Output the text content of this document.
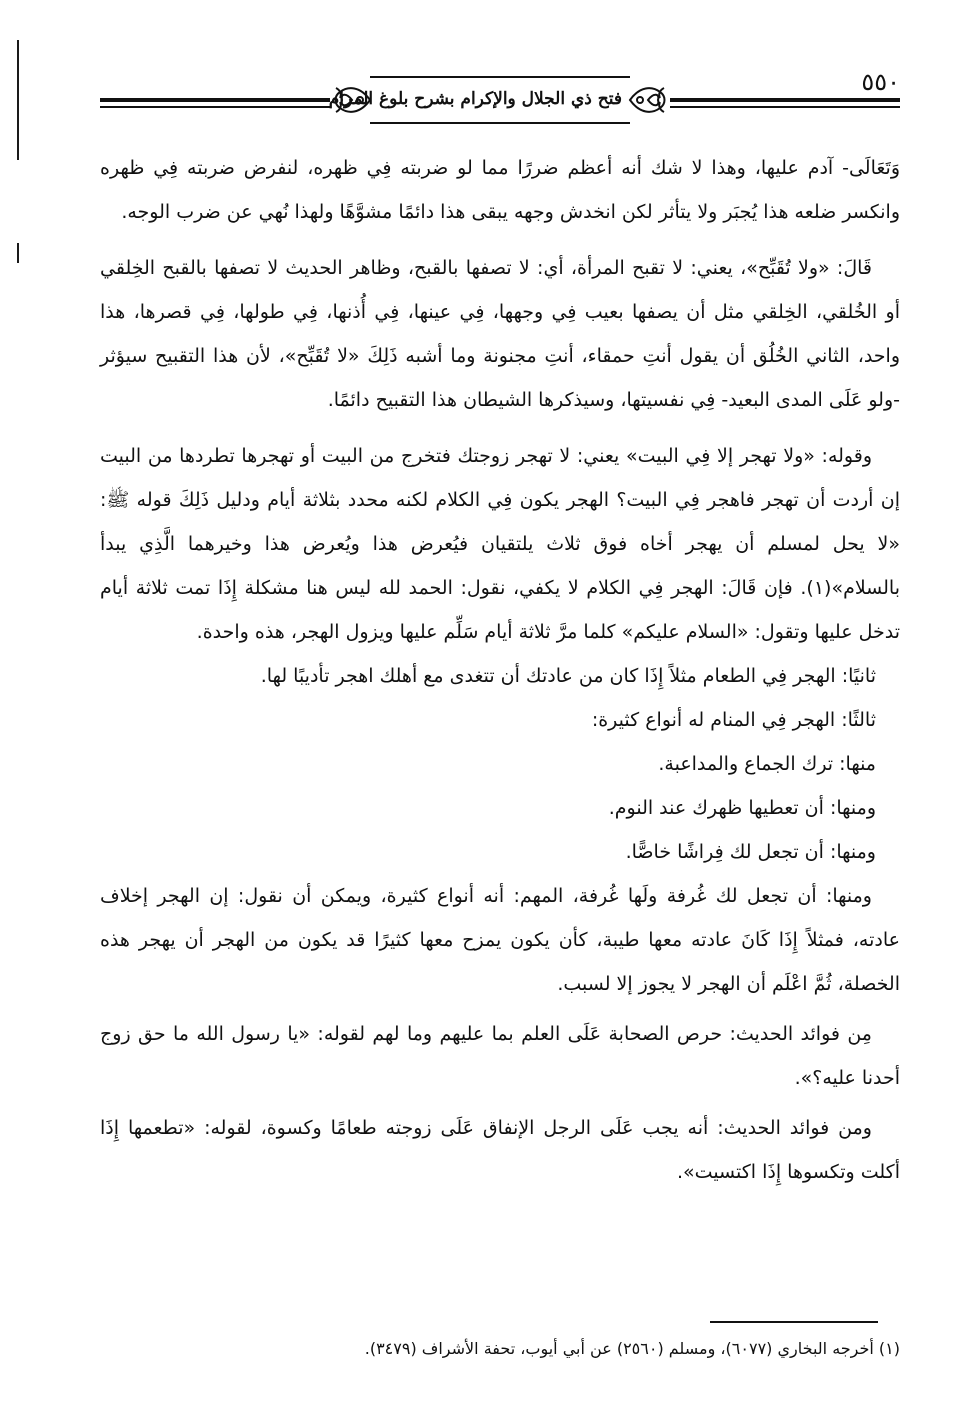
فتح ذي الجلال والإكرام بشرح بلوغ المرام
٥٥٠

وَتَعَالَى- آدم عليها، وهذا لا شك أنه أعظم ضررًا مما لو ضربته فِي ظهره، لنفرض ضربته فِي ظهره وانكسر ضلعه هذا يُجبَر ولا يتأثر لكن انخدش وجهه يبقى هذا دائمًا مشوَّهًا ولهذا نُهي عن ضرب الوجه.

قَالَ: «ولا تُقَبِّح»، يعني: لا تقبح المرأة، أي: لا تصفها بالقبح، وظاهر الحديث لا تصفها بالقبح الخِلقي أو الخُلقي، الخِلقي مثل أن يصفها بعيب فِي وجهها، فِي عينها، فِي أُذنها، فِي طولها، فِي قصرها، هذا واحد، الثاني الخُلُق أن يقول أنتِ حمقاء، أنتِ مجنونة وما أشبه ذَلِكَ «لا تُقَبِّح»، لأن هذا التقبيح سيؤثر -ولو عَلَى المدى البعيد- فِي نفسيتها، وسيذكرها الشيطان هذا التقبيح دائمًا.

وقوله: «ولا تهجر إلا فِي البيت» يعني: لا تهجر زوجتك فتخرج من البيت أو تهجرها تطردها من البيت إن أردت أن تهجر فاهجر فِي البيت؟ الهجر يكون فِي الكلام لكنه محدد بثلاثة أيام ودليل ذَلِكَ قوله ﷺ: «لا يحل لمسلم أن يهجر أخاه فوق ثلاث يلتقيان فيُعرض هذا ويُعرض هذا وخيرهما الَّذِي يبدأ بالسلام»(١). فإن قَالَ: الهجر فِي الكلام لا يكفي، نقول: الحمد لله ليس هنا مشكلة إِذَا تمت ثلاثة أيام تدخل عليها وتقول: «السلام عليكم» كلما مرَّ ثلاثة أيام سَلِّم عليها ويزول الهجر، هذه واحدة.

ثانيًا: الهجر فِي الطعام مثلاً إِذَا كان من عادتك أن تتغدى مع أهلك اهجر تأديبًا لها.

ثالثًا: الهجر فِي المنام له أنواع كثيرة:

منها: ترك الجماع والمداعبة.

ومنها: أن تعطيها ظهرك عند النوم.

ومنها: أن تجعل لك فِراشًا خاصًّا.

ومنها: أن تجعل لك غُرفة ولَها غُرفة، المهم: أنه أنواع كثيرة، ويمكن أن نقول: إن الهجر إخلاف عادته، فمثلاً إِذَا كَانَ عادته معها طيبة، كأن يكون يمزح معها كثيرًا قد يكون من الهجر أن يهجر هذه الخصلة، ثُمَّ اعْلَم أن الهجر لا يجوز إلا لسبب.

مِن فوائد الحديث: حرص الصحابة عَلَى العلم بما عليهم وما لهم لقوله: «يا رسول الله ما حق زوج أحدنا عليه؟».

ومن فوائد الحديث: أنه يجب عَلَى الرجل الإنفاق عَلَى زوجته طعامًا وكسوة، لقوله: «تطعمها إِذَا أكلت وتكسوها إِذَا اكتسيت».

(١) أخرجه البخاري (٦٠٧٧)، ومسلم (٢٥٦٠) عن أبي أيوب، تحفة الأشراف (٣٤٧٩).
